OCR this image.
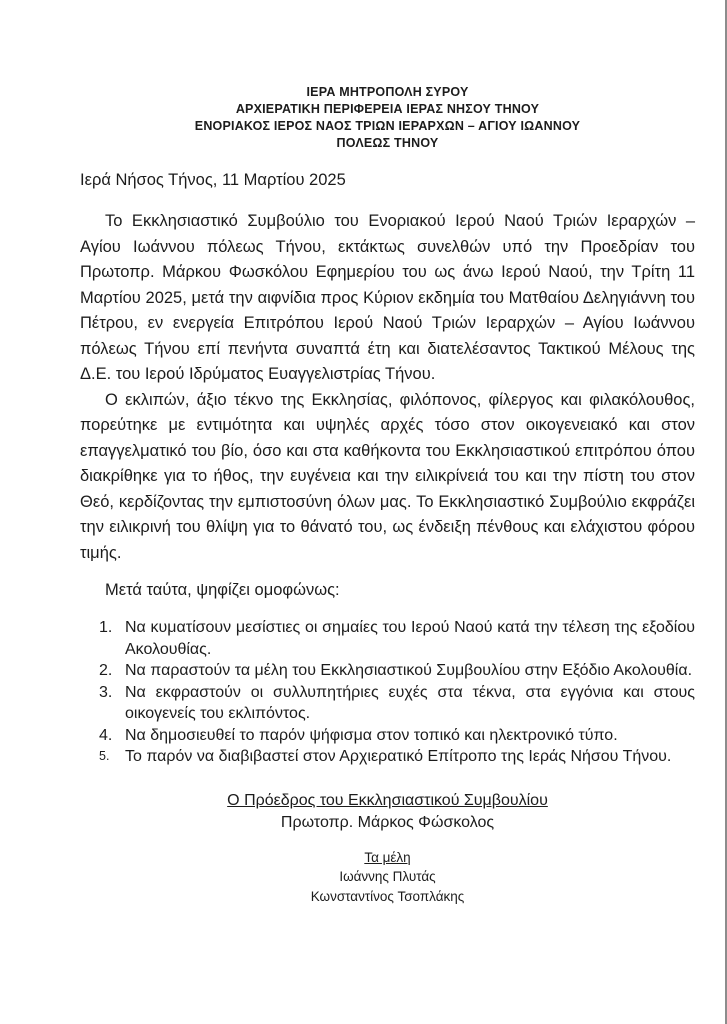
ΙΕΡΑ ΜΗΤΡΟΠΟΛΗ ΣΥΡΟΥ
ΑΡΧΙΕΡΑΤΙΚΗ ΠΕΡΙΦΕΡΕΙΑ ΙΕΡΑΣ ΝΗΣΟΥ ΤΗΝΟΥ
ΕΝΟΡΙΑΚΟΣ ΙΕΡΟΣ ΝΑΟΣ ΤΡΙΩΝ ΙΕΡΑΡΧΩΝ – ΑΓΙΟΥ ΙΩΑΝΝΟΥ
ΠΟΛΕΩΣ ΤΗΝΟΥ

Ιερά Νήσος Τήνος, 11 Μαρτίου 2025

Το Εκκλησιαστικό Συμβούλιο του Ενοριακού Ιερού Ναού Τριών Ιεραρχών – Αγίου Ιωάννου πόλεως Τήνου, εκτάκτως συνελθών υπό την Προεδρίαν του Πρωτοπρ. Μάρκου Φωσκόλου Εφημερίου του ως άνω Ιερού Ναού, την Τρίτη 11 Μαρτίου 2025, μετά την αιφνίδια προς Κύριον εκδημία του Ματθαίου Δεληγιάννη του Πέτρου, εν ενεργεία Επιτρόπου Ιερού Ναού Τριών Ιεραρχών – Αγίου Ιωάννου πόλεως Τήνου επί πενήντα συναπτά έτη και διατελέσαντος Τακτικού Μέλους της Δ.Ε. του Ιερού Ιδρύματος Ευαγγελιστρίας Τήνου.

Ο εκλιπών, άξιο τέκνο της Εκκλησίας, φιλόπονος, φίλεργος και φιλακόλουθος, πορεύτηκε με εντιμότητα και υψηλές αρχές τόσο στον οικογενειακό και στον επαγγελματικό του βίο, όσο και στα καθήκοντα του Εκκλησιαστικού επιτρόπου όπου διακρίθηκε για το ήθος, την ευγένεια και την ειλικρίνειά του και την πίστη του στον Θεό, κερδίζοντας την εμπιστοσύνη όλων μας. Το Εκκλησιαστικό Συμβούλιο εκφράζει την ειλικρινή του θλίψη για το θάνατό του, ως ένδειξη πένθους και ελάχιστου φόρου τιμής.

Μετά ταύτα, ψηφίζει ομοφώνως:

1. Να κυματίσουν μεσίστιες οι σημαίες του Ιερού Ναού κατά την τέλεση της εξοδίου Ακολουθίας.
2. Να παραστούν τα μέλη του Εκκλησιαστικού Συμβουλίου στην Εξόδιο Ακολουθία.
3. Να εκφραστούν οι συλλυπητήριες ευχές στα τέκνα, στα εγγόνια και στους οικογενείς του εκλιπόντος.
4. Να δημοσιευθεί το παρόν ψήφισμα στον τοπικό και ηλεκτρονικό τύπο.
5. Το παρόν να διαβιβαστεί στον Αρχιερατικό Επίτροπο της Ιεράς Νήσου Τήνου.
Ο Πρόεδρος του Εκκλησιαστικού Συμβουλίου
Πρωτοπρ. Μάρκος Φώσκολος
Τα μέλη
Ιωάννης Πλυτάς
Κωνσταντίνος Τσοπλάκης
